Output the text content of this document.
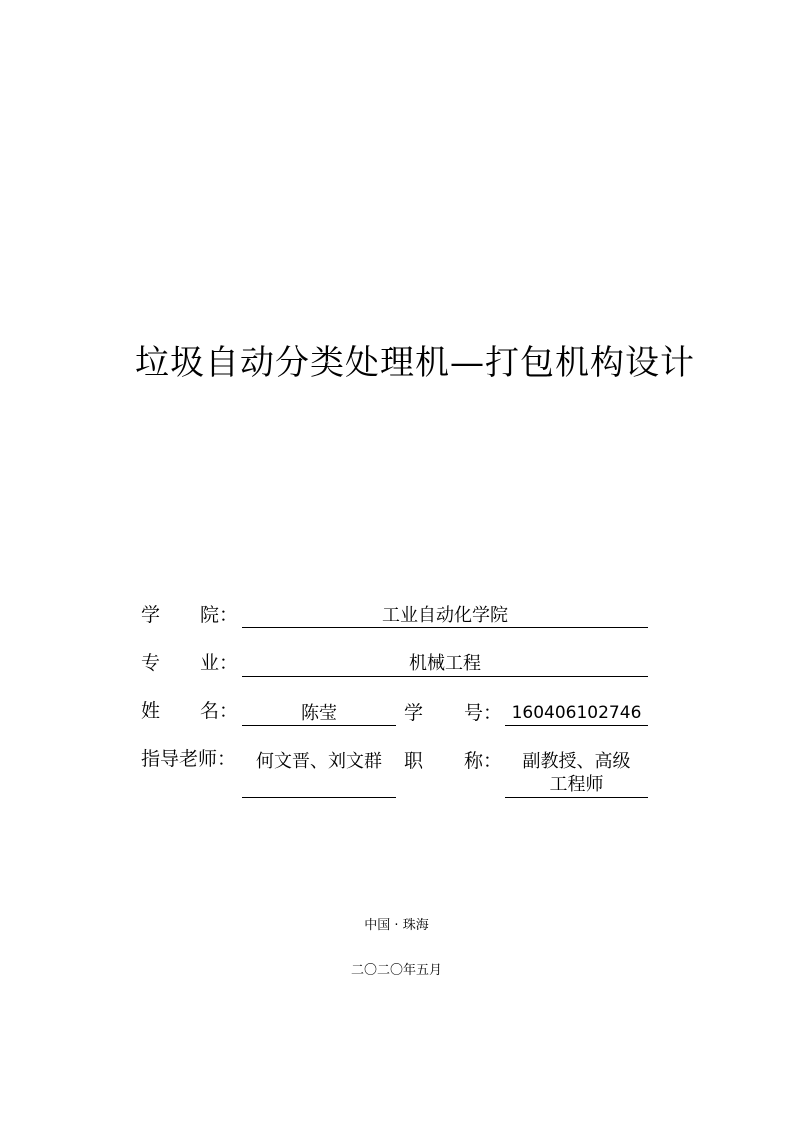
垃圾自动分类处理机—打包机构设计
学 院：	工业自动化学院
专 业：	机械工程
姓 名：	陈莹	学 号： 160406102746
指导老师：	何文晋、刘文群	职 称：	副教授、高级
工程师
中国 · 珠海
二〇二〇年五月
